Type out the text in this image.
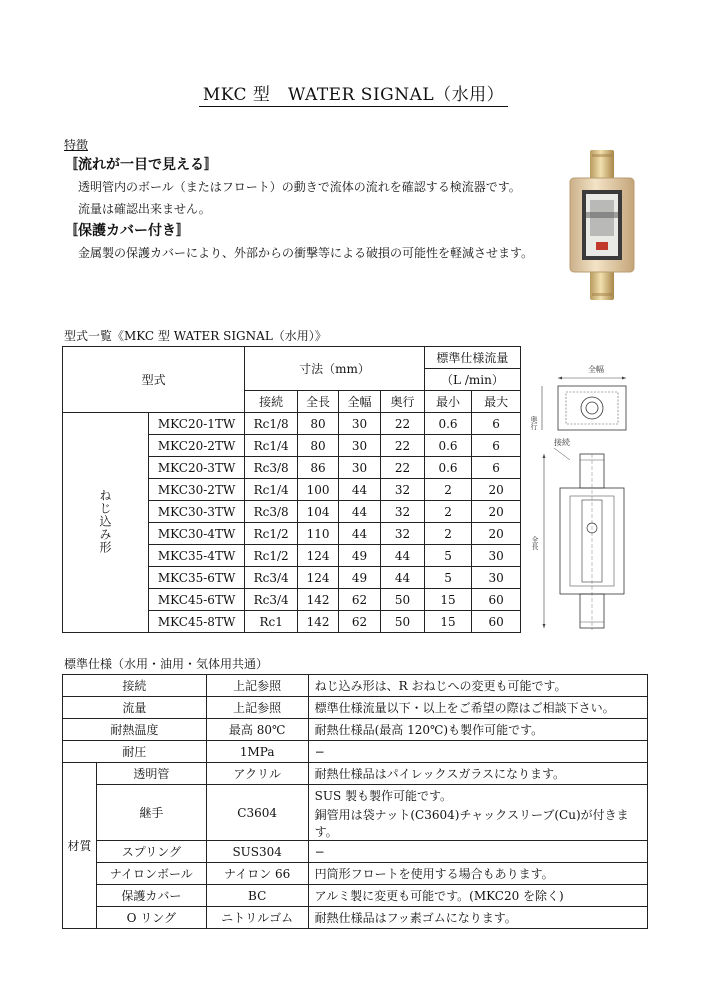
MKC 型　WATER SIGNAL（水用）
特徴
〚流れが一目で見える〛
透明管内のボール（またはフロート）の動きで流体の流れを確認する検流器です。
流量は確認出来ません。
〚保護カバー付き〛
金属製の保護カバーにより、外部からの衝撃等による破損の可能性を軽減させます。
型式一覧《MKC 型 WATER SIGNAL（水用）》
型式		寸法（mm）				標準仕様流量	
						（L /min）	
		接続	全長	全幅	奥行	最小	最大
ねじ込み形	MKC20-1TW	Rc1/8	80	30	22	0.6	6
	MKC20-2TW	Rc1/4	80	30	22	0.6	6
	MKC20-3TW	Rc3/8	86	30	22	0.6	6
	MKC30-2TW	Rc1/4	100	44	32	2	20
	MKC30-3TW	Rc3/8	104	44	32	2	20
	MKC30-4TW	Rc1/2	110	44	32	2	20
	MKC35-4TW	Rc1/2	124	49	44	5	30
	MKC35-6TW	Rc3/4	124	49	44	5	30
	MKC45-6TW	Rc3/4	142	62	50	15	60
	MKC45-8TW	Rc1	142	62	50	15	60
全幅
奥行
接続
全長
標準仕様（水用・油用・気体用共通）
接続		上記参照	ねじ込み形は、R おねじへの変更も可能です。
流量		上記参照	標準仕様流量以下・以上をご希望の際はご相談下さい。
耐熱温度		最高 80℃	耐熱仕様品(最高 120℃)も製作可能です。
耐圧		1MPa	−
材質	透明管	アクリル	耐熱仕様品はパイレックスガラスになります。
	継手	C3604	SUS 製も製作可能です。
			銅管用は袋ナット(C3604)チャックスリーブ(Cu)が付きます。
	スプリング	SUS304	−
	ナイロンボール	ナイロン 66	円筒形フロートを使用する場合もあります。
	保護カバー	BC	アルミ製に変更も可能です。(MKC20 を除く)
	O リング	ニトリルゴム	耐熱仕様品はフッ素ゴムになります。
